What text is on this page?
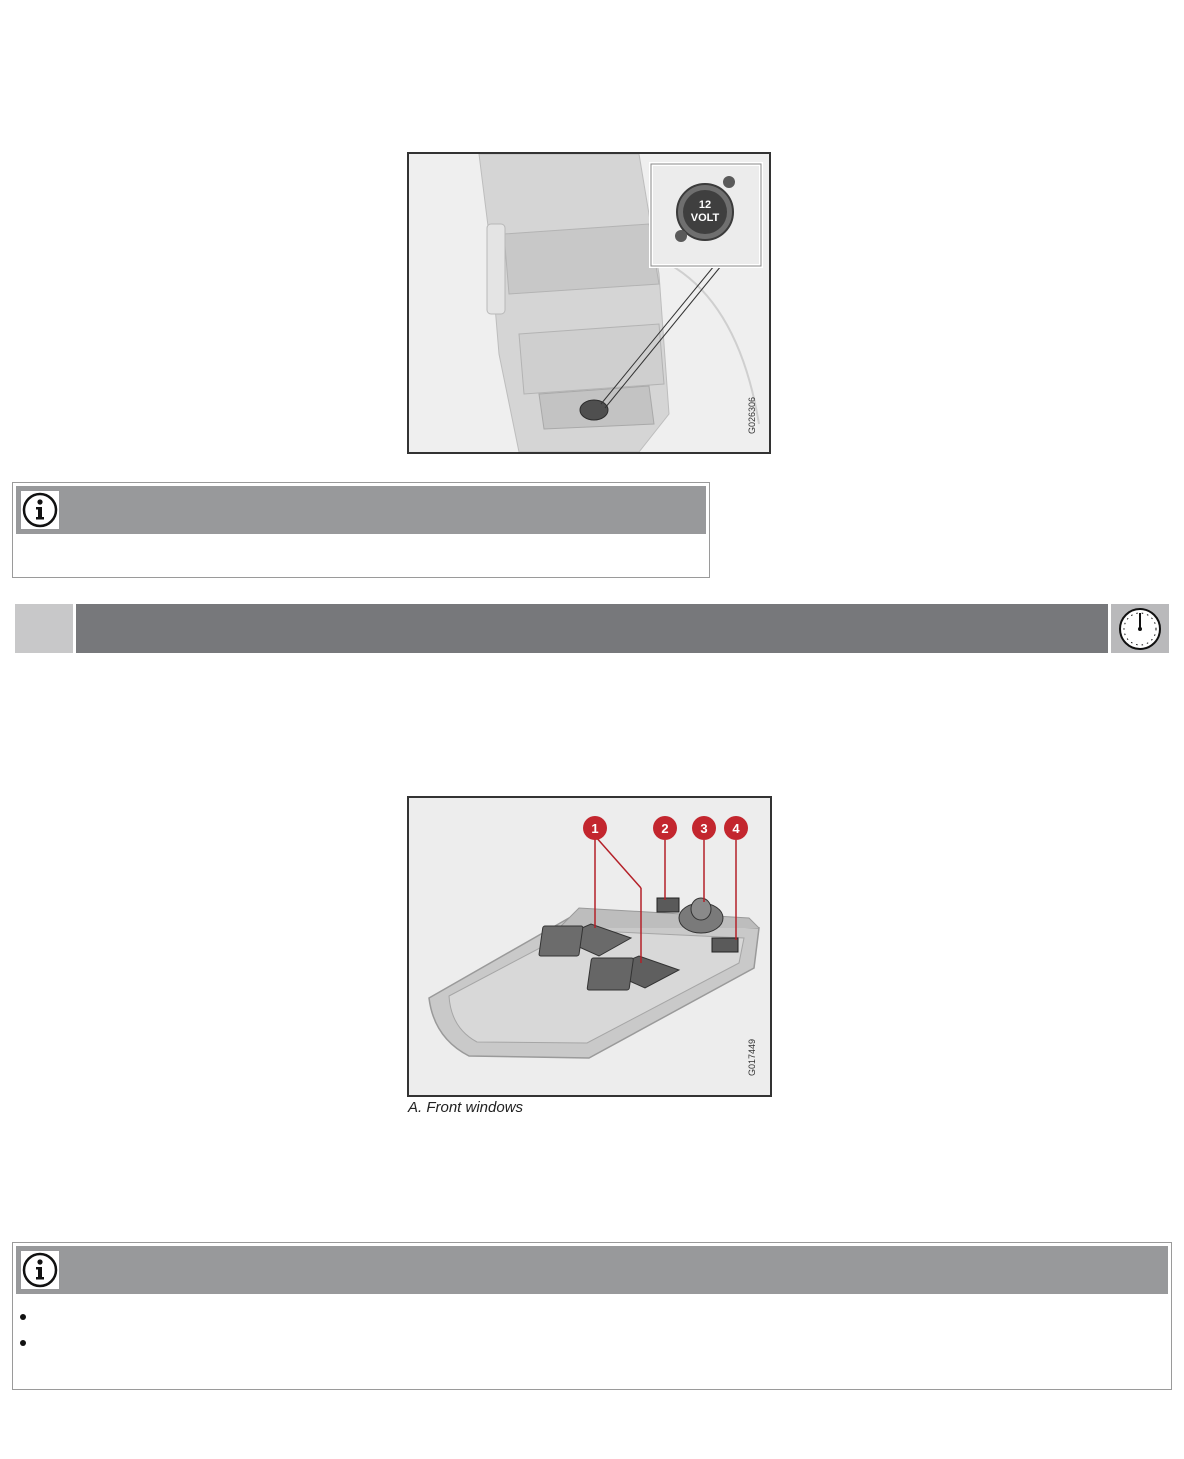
12
VOLT
G026306
1	2 3 4
G017449
A. Front windows
